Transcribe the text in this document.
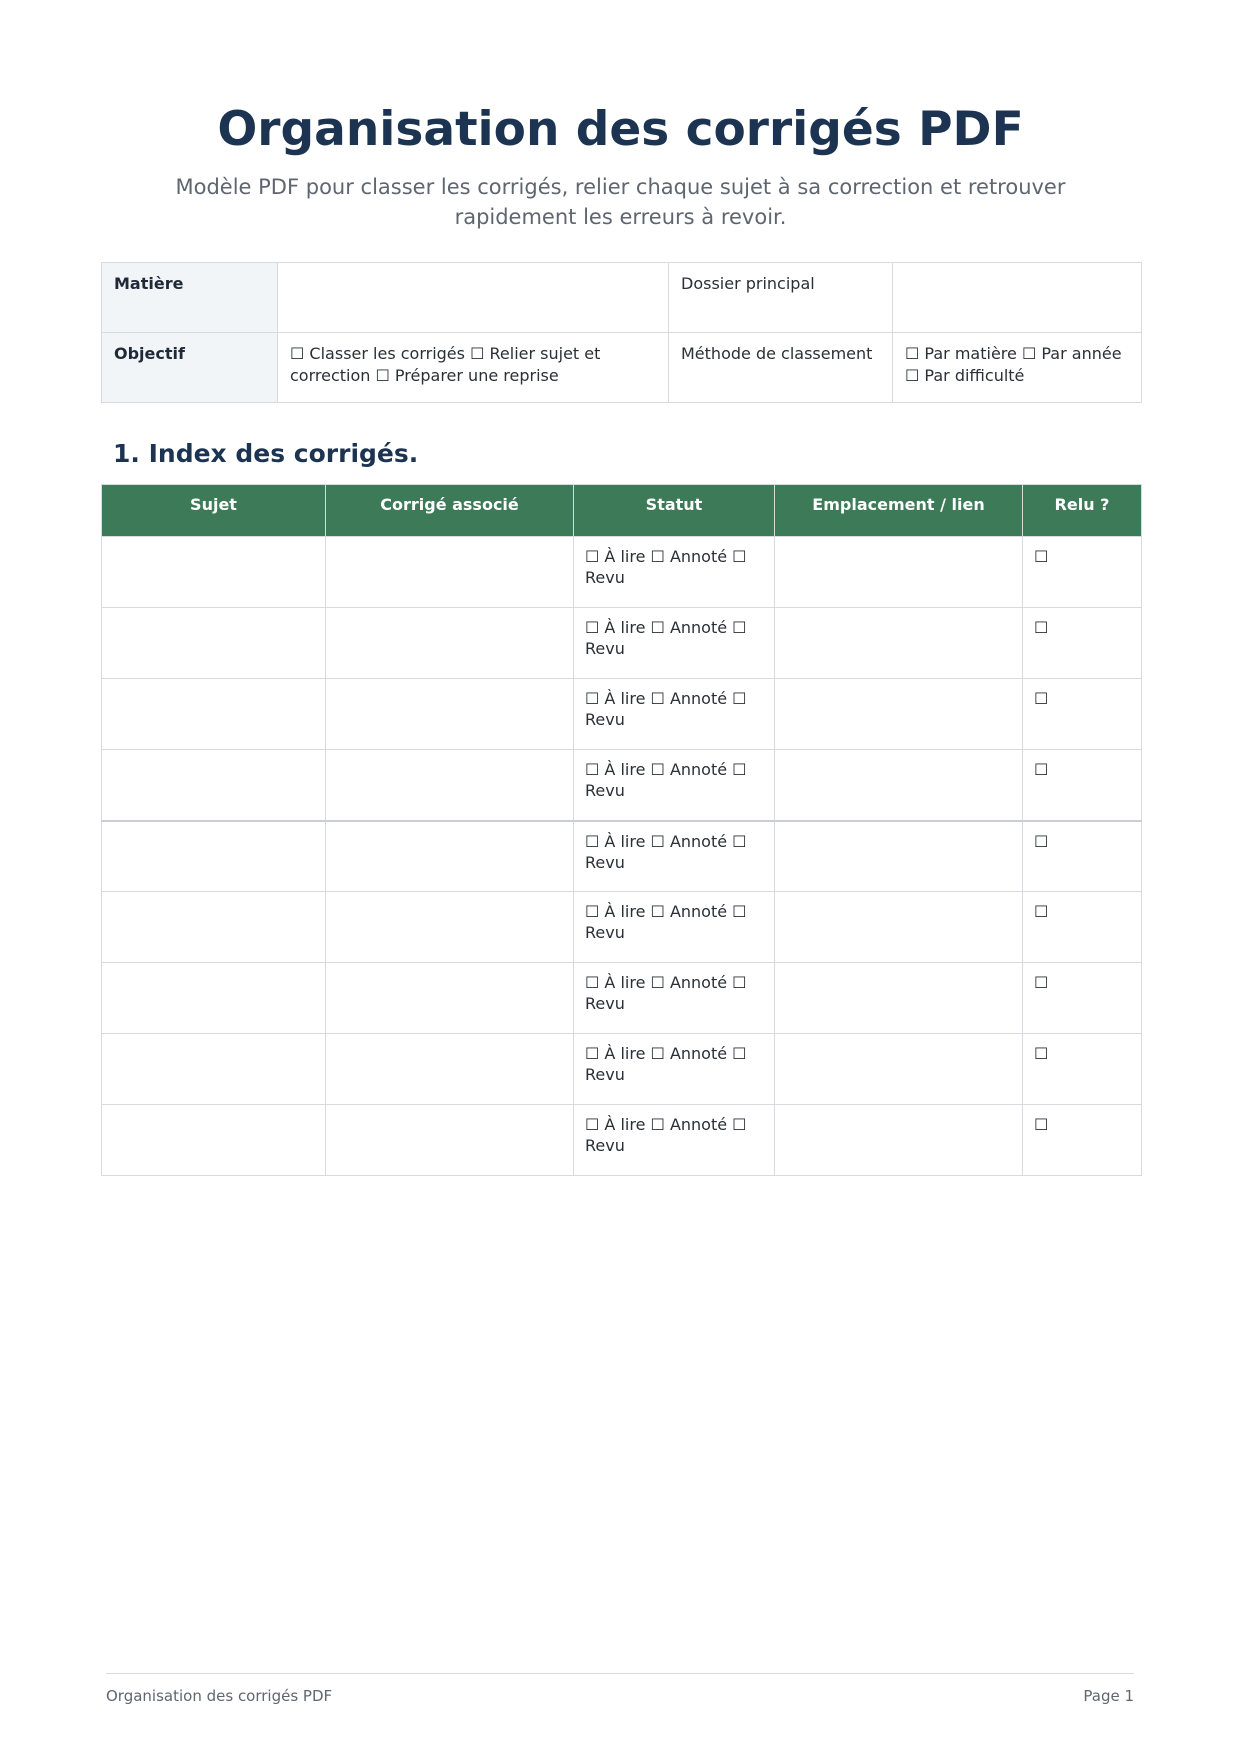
Organisation des corrigés PDF

Modèle PDF pour classer les corrigés, relier chaque sujet à sa correction et retrouver rapidement les erreurs à revoir.

Matière		Dossier principal	
Objectif	☐ Classer les corrigés ☐ Relier sujet et correction ☐ Préparer une reprise	Méthode de classement	☐ Par matière ☐ Par année ☐ Par difficulté
1. Index des corrigés.
Sujet	Corrigé associé	Statut	Emplacement / lien	Relu ?
		☐ À lire ☐ Annoté ☐ Revu		☐
		☐ À lire ☐ Annoté ☐ Revu		☐
		☐ À lire ☐ Annoté ☐ Revu		☐
		☐ À lire ☐ Annoté ☐ Revu		☐
		☐ À lire ☐ Annoté ☐ Revu		☐
		☐ À lire ☐ Annoté ☐ Revu		☐
		☐ À lire ☐ Annoté ☐ Revu		☐
		☐ À lire ☐ Annoté ☐ Revu		☐
		☐ À lire ☐ Annoté ☐ Revu		☐
Organisation des corrigés PDF	Page 1
